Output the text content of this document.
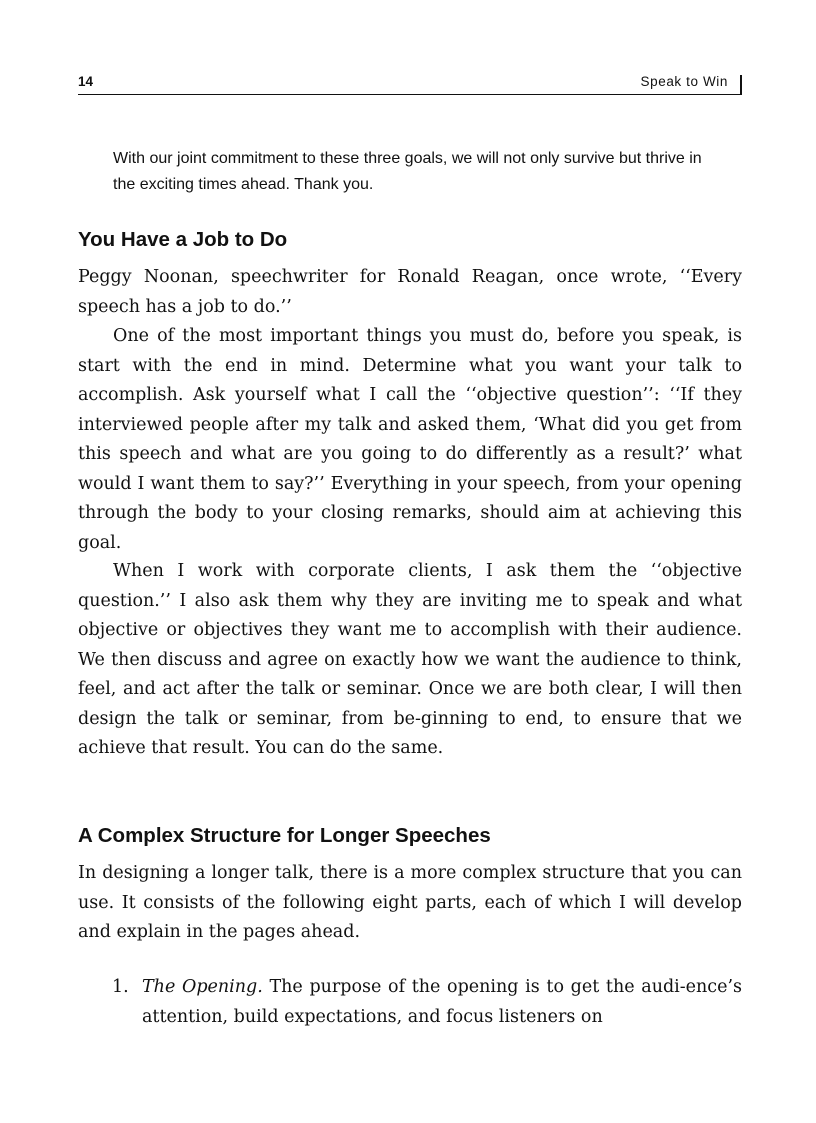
14	Speak to Win

With our joint commitment to these three goals, we will not only survive but thrive in the exciting times ahead. Thank you.

You Have a Job to Do

Peggy Noonan, speechwriter for Ronald Reagan, once wrote, ‘‘Every speech has a job to do.’’

One of the most important things you must do, before you speak, is start with the end in mind. Determine what you want your talk to accomplish. Ask yourself what I call the ‘‘objective question’’: ‘‘If they interviewed people after my talk and asked them, ‘What did you get from this speech and what are you going to do differently as a result?’ what would I want them to say?’’ Everything in your speech, from your opening through the body to your closing remarks, should aim at achieving this goal.

When I work with corporate clients, I ask them the ‘‘objective question.’’ I also ask them why they are inviting me to speak and what objective or objectives they want me to accomplish with their audience. We then discuss and agree on exactly how we want the audience to think, feel, and act after the talk or seminar. Once we are both clear, I will then design the talk or seminar, from be-ginning to end, to ensure that we achieve that result. You can do the same.

A Complex Structure for Longer Speeches

In designing a longer talk, there is a more complex structure that you can use. It consists of the following eight parts, each of which I will develop and explain in the pages ahead.

1. The Opening. The purpose of the opening is to get the audi-ence’s attention, build expectations, and focus listeners on
